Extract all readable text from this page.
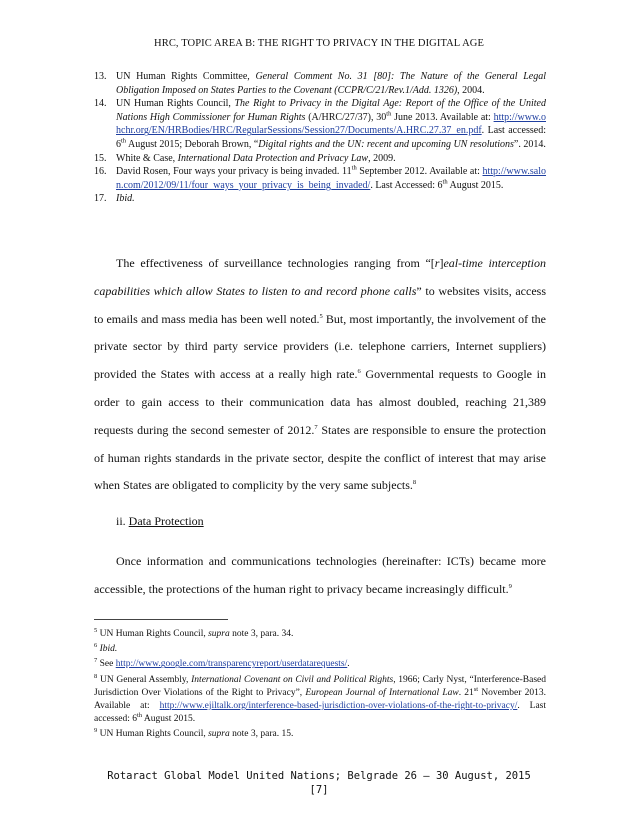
HRC, TOPIC AREA B: THE RIGHT TO PRIVACY IN THE DIGITAL AGE
13. UN Human Rights Committee, General Comment No. 31 [80]: The Nature of the General Legal Obligation Imposed on States Parties to the Covenant (CCPR/C/21/Rev.1/Add. 1326), 2004.
14. UN Human Rights Council, The Right to Privacy in the Digital Age: Report of the Office of the United Nations High Commissioner for Human Rights (A/HRC/27/37), 30th June 2013. Available at: http://www.ohchr.org/EN/HRBodies/HRC/RegularSessions/Session27/Documents/A.HRC.27.37_en.pdf. Last accessed: 6th August 2015; Deborah Brown, “Digital rights and the UN: recent and upcoming UN resolutions”. 2014.
15. White & Case, International Data Protection and Privacy Law, 2009.
16. David Rosen, Four ways your privacy is being invaded. 11th September 2012. Available at: http://www.salon.com/2012/09/11/four_ways_your_privacy_is_being_invaded/. Last Accessed: 6th August 2015.
17. Ibid.

The effectiveness of surveillance technologies ranging from “[r]eal-time interception capabilities which allow States to listen to and record phone calls” to websites visits, access to emails and mass media has been well noted.$^5$ But, most importantly, the involvement of the private sector by third party service providers (i.e. telephone carriers, Internet suppliers) provided the States with access at a really high rate.$^6$ Governmental requests to Google in order to gain access to their communication data has almost doubled, reaching 21,389 requests during the second semester of 2012.$^7$ States are responsible to ensure the protection of human rights standards in the private sector, despite the conflict of interest that may arise when States are obligated to complicity by the very same subjects.$^8$

ii. Data Protection

Once information and communications technologies (hereinafter: ICTs) became more accessible, the protections of the human right to privacy became increasingly difficult.$^9$

$^5$ UN Human Rights Council, supra note 3, para. 34.

$^6$ Ibid.

$^7$ See http://www.google.com/transparencyreport/userdatarequests/.

$^8$ UN General Assembly, International Covenant on Civil and Political Rights, 1966; Carly Nyst, “Interference-Based Jurisdiction Over Violations of the Right to Privacy”, European Journal of International Law. 21st November 2013. Available at: http://www.ejiltalk.org/interference-based-jurisdiction-over-violations-of-the-right-to-privacy/. Last accessed: 6th August 2015.

$^9$ UN Human Rights Council, supra note 3, para. 15.

Rotaract Global Model United Nations; Belgrade 26 – 30 August, 2015
[7]
